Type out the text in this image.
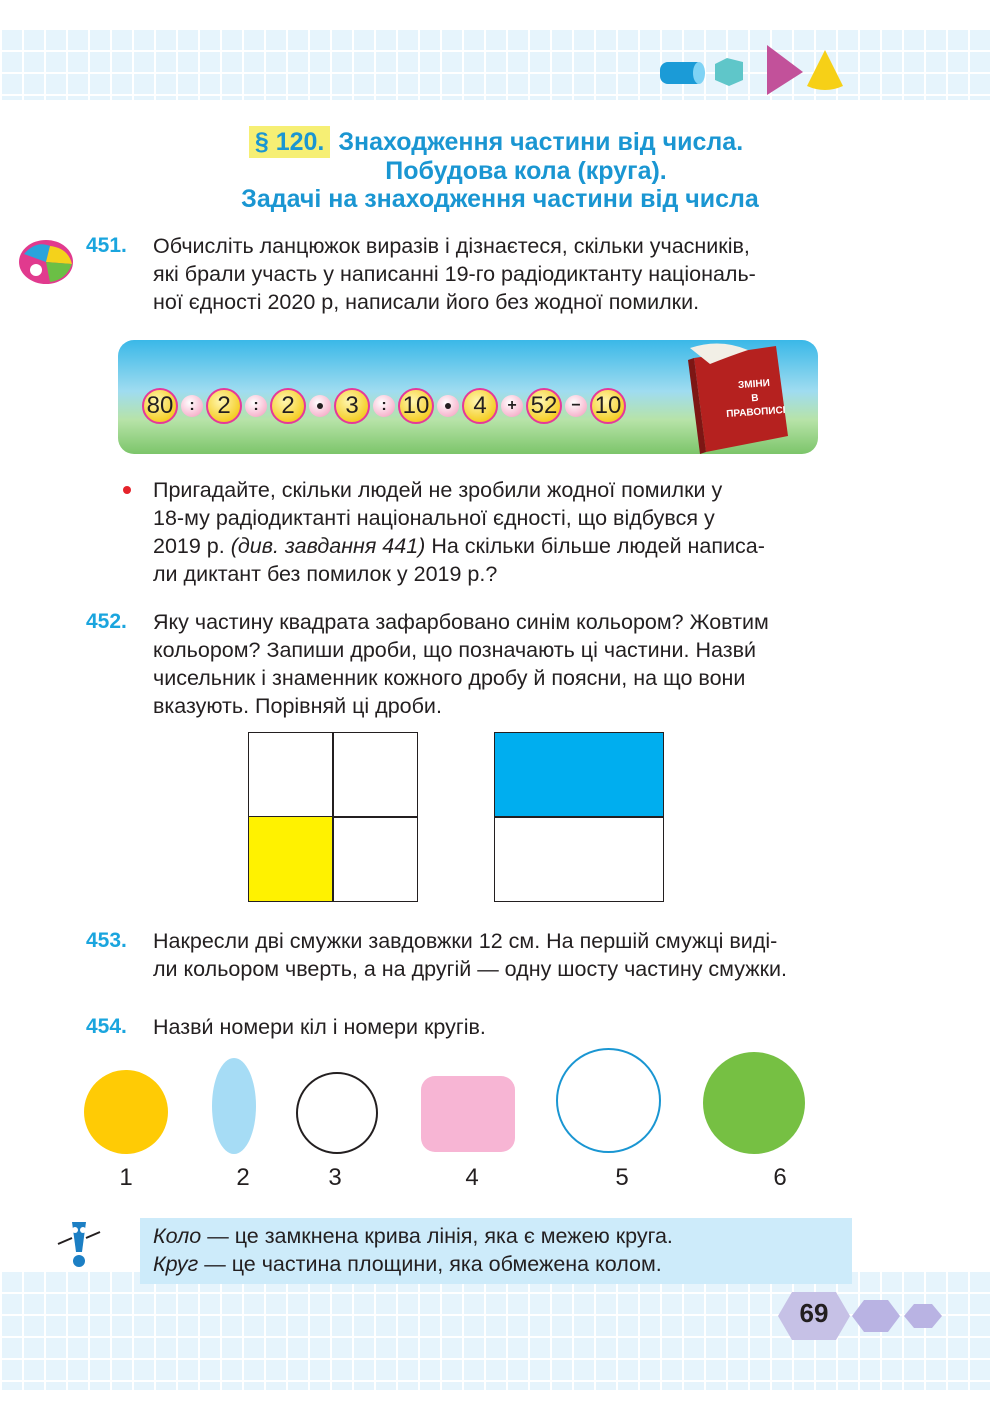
§ 120. Знаходження частини від числа.
Побудова кола (круга).
Задачі на знаходження частини від числа
451. Обчисліть ланцюжок виразів і дізнаєтеся, скільки учасників,
які брали участь у написанні 19-го радіодиктанту національ-
ної єдності 2020 р, написали його без жодної помилки.
80 : 2	: 2	3	: 10	4	+ 52 − 10
ЗМІНИ
В ПРАВОПИСІ
Пригадайте, скільки людей не зробили жодної помилки у
18-му радіодиктанті національної єдності, що відбувся у
2019 р. (див. завдання 441) На скільки більше людей написа-
ли диктант без помилок у 2019 р.?
452. Яку частину квадрата зафарбовано синім кольором? Жовтим
кольором? Запиши дроби, що позначають ці частини. Назви́
чисельник і знаменник кожного дробу й поясни, на що вони
вказують. Порівняй ці дроби.
453. Накресли дві смужки завдовжки 12 см. На першій смужці виді-
ли кольором чверть, а на другій — одну шосту частину смужки.
454. Назви́ номери кіл і номери кругів.
1	2	3	4	5	6
Коло — це замкнена крива лінія, яка є межею круга.
Круг — це частина площини, яка обмежена колом.
69
